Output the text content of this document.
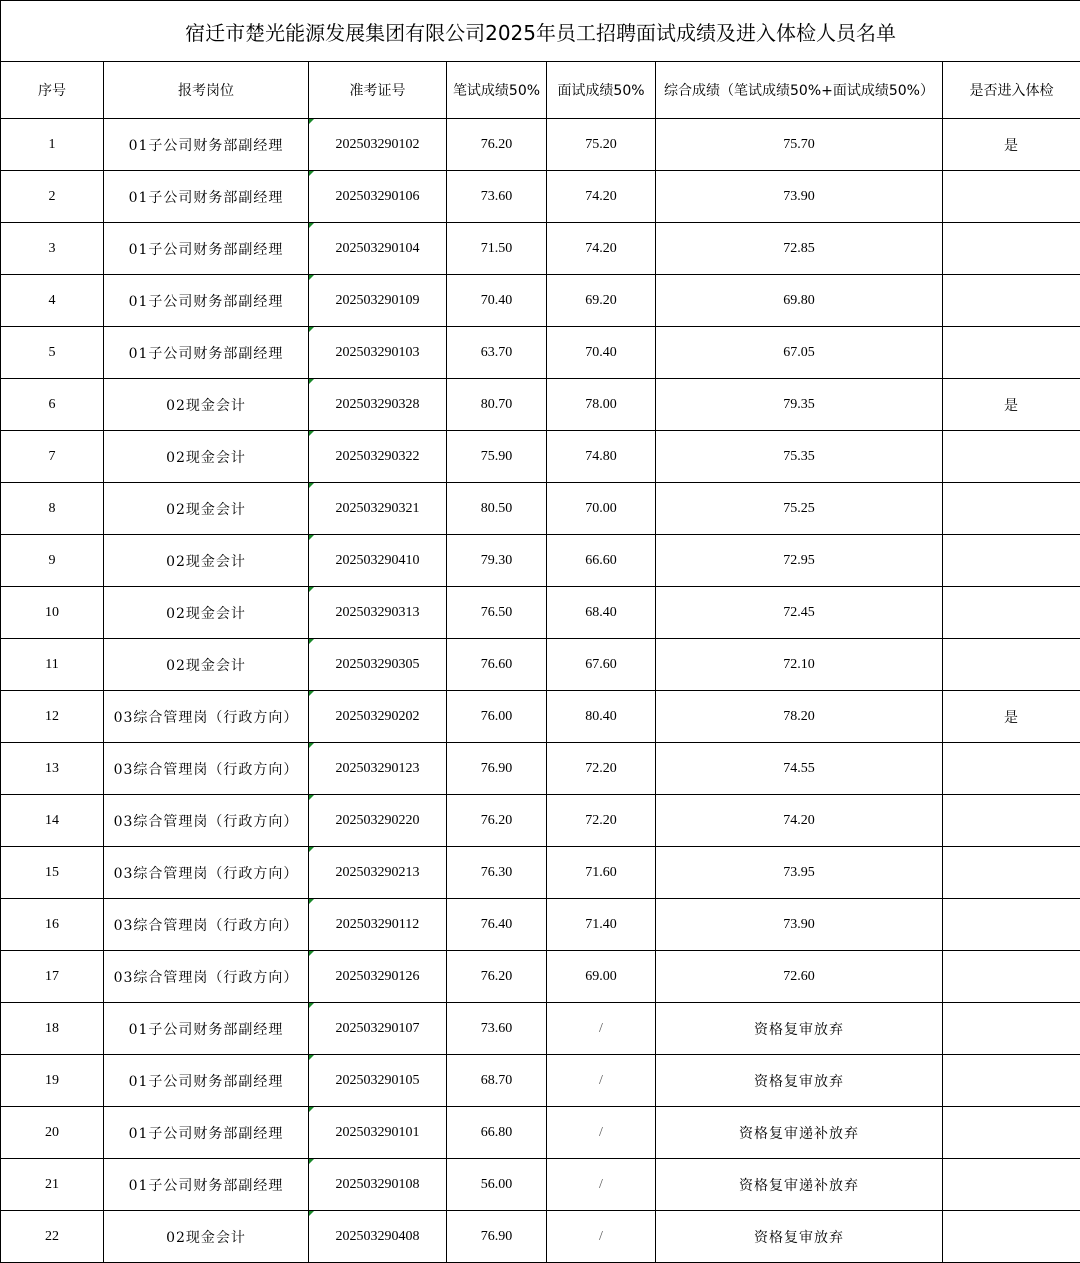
宿迁市楚光能源发展集团有限公司2025年员工招聘面试成绩及进入体检人员名单						
序号	报考岗位	准考证号	笔试成绩50%	面试成绩50%	综合成绩（笔试成绩50%+面试成绩50%）	是否进入体检
1	01子公司财务部副经理	202503290102	76.20	75.20	75.70	是
2	01子公司财务部副经理	202503290106	73.60	74.20	73.90	
3	01子公司财务部副经理	202503290104	71.50	74.20	72.85	
4	01子公司财务部副经理	202503290109	70.40	69.20	69.80	
5	01子公司财务部副经理	202503290103	63.70	70.40	67.05	
6	02现金会计	202503290328	80.70	78.00	79.35	是
7	02现金会计	202503290322	75.90	74.80	75.35	
8	02现金会计	202503290321	80.50	70.00	75.25	
9	02现金会计	202503290410	79.30	66.60	72.95	
10	02现金会计	202503290313	76.50	68.40	72.45	
11	02现金会计	202503290305	76.60	67.60	72.10	
12	03综合管理岗（行政方向）	202503290202	76.00	80.40	78.20	是
13	03综合管理岗（行政方向）	202503290123	76.90	72.20	74.55	
14	03综合管理岗（行政方向）	202503290220	76.20	72.20	74.20	
15	03综合管理岗（行政方向）	202503290213	76.30	71.60	73.95	
16	03综合管理岗（行政方向）	202503290112	76.40	71.40	73.90	
17	03综合管理岗（行政方向）	202503290126	76.20	69.00	72.60	
18	01子公司财务部副经理	202503290107	73.60	/	资格复审放弃	
19	01子公司财务部副经理	202503290105	68.70	/	资格复审放弃	
20	01子公司财务部副经理	202503290101	66.80	/	资格复审递补放弃	
21	01子公司财务部副经理	202503290108	56.00	/	资格复审递补放弃	
22	02现金会计	202503290408	76.90	/	资格复审放弃	
